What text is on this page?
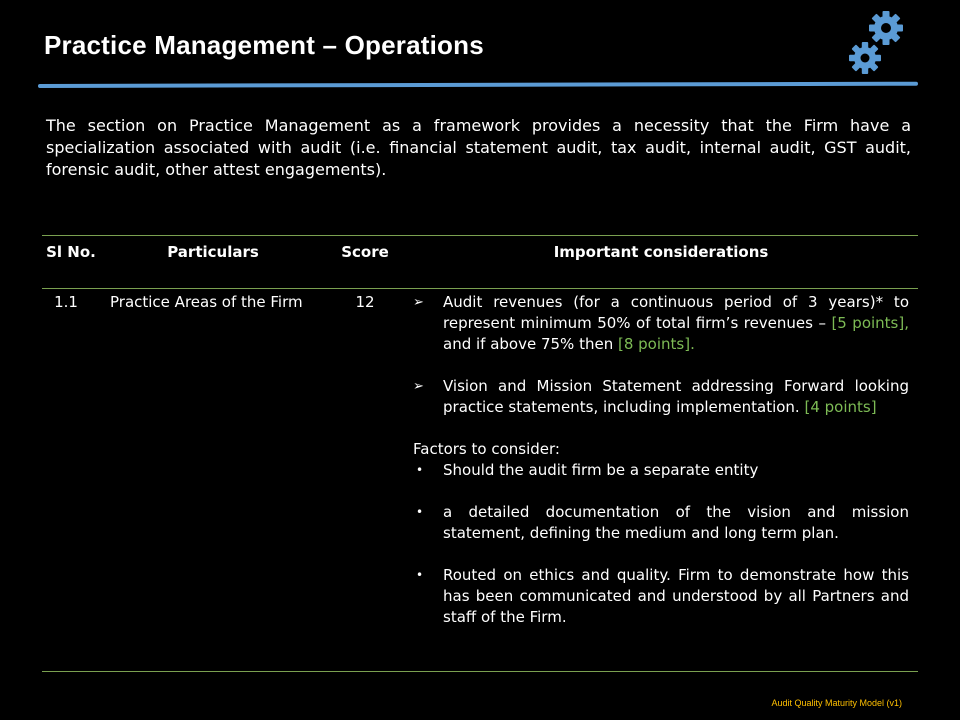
Practice Management – Operations
The section on Practice Management as a framework provides a necessity that the Firm have a specialization associated with audit (i.e. financial statement audit, tax audit, internal audit, GST audit, forensic audit, other attest engagements).
Sl No.	Particulars	Score	Important considerations
1.1	Practice Areas of the Firm	12	➢	Audit revenues (for a continuous period of 3 years)* to represent minimum 50% of total firm’s revenues – [5 points], and if above 75% then [8 points].
➢	Vision and Mission Statement addressing Forward looking practice statements, including implementation. [4 points]
Factors to consider:
•	Should the audit firm be a separate entity
•	a detailed documentation of the vision and mission statement, defining the medium and long term plan.
•	Routed on ethics and quality. Firm to demonstrate how this has been communicated and understood by all Partners and staff of the Firm.
Audit Quality Maturity Model (v1)
